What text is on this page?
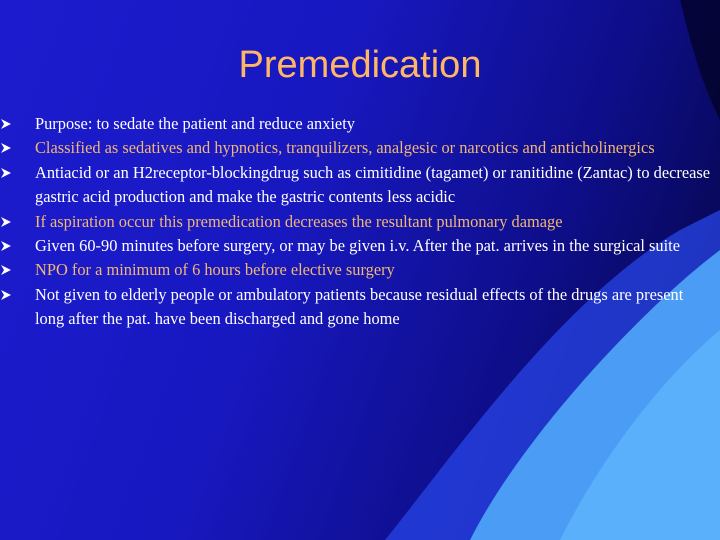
Premedication
Purpose: to sedate the patient and reduce anxiety
Classified as sedatives and hypnotics, tranquilizers, analgesic or narcotics and anticholinergics
Antiacid or an H2receptor-blockingdrug such as cimitidine (tagamet) or ranitidine (Zantac) to decrease gastric acid production and make the gastric contents less acidic
If aspiration occur this premedication decreases the resultant pulmonary damage
Given 60-90 minutes before surgery, or may be given i.v. After the pat. arrives in the surgical suite
NPO for a minimum of 6 hours before elective surgery
Not given to elderly people or ambulatory patients because residual effects of the drugs are present long after the pat. have been discharged and gone home
